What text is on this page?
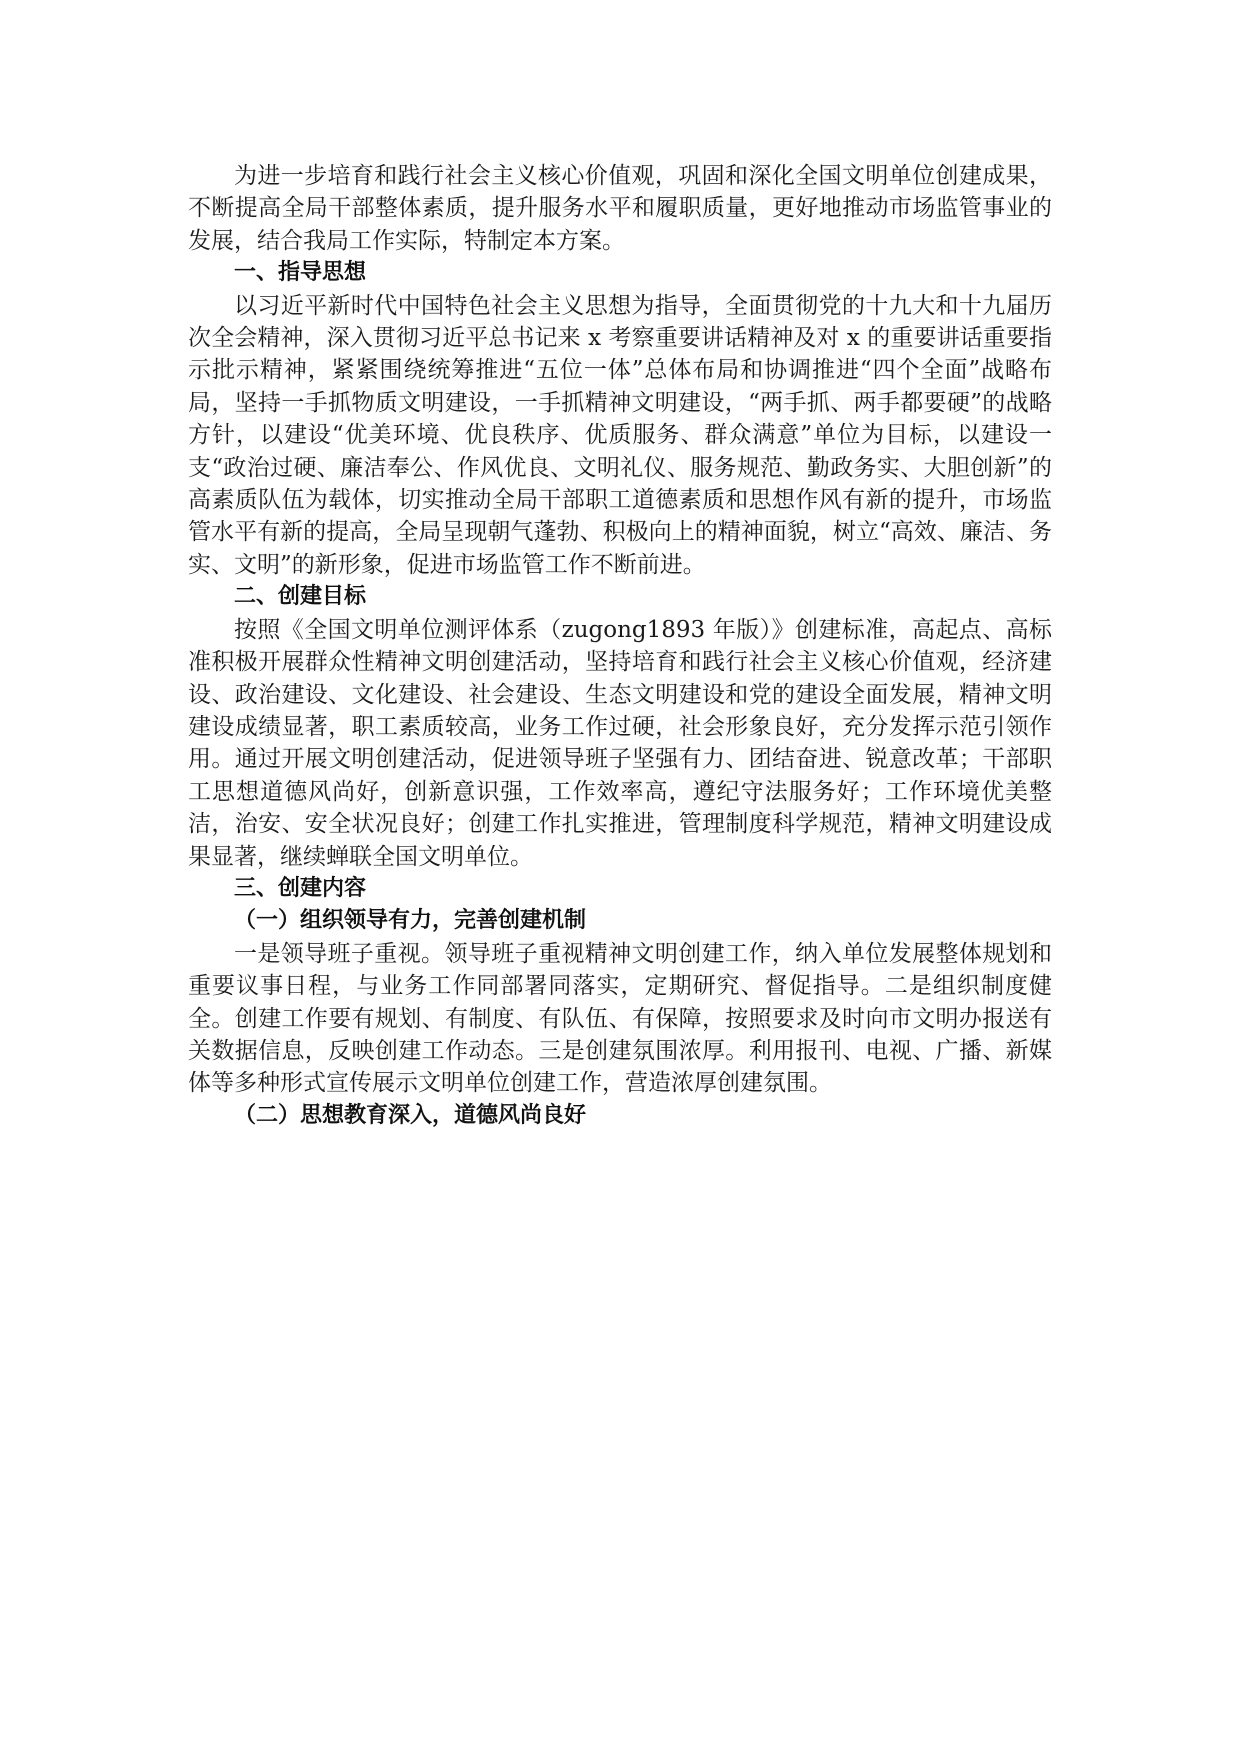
为进一步培育和践行社会主义核心价值观，巩固和深化全国文明单位创建成果，不断提高全局干部整体素质，提升服务水平和履职质量，更好地推动市场监管事业的发展，结合我局工作实际，特制定本方案。

一、指导思想

以习近平新时代中国特色社会主义思想为指导，全面贯彻党的十九大和十九届历次全会精神，深入贯彻习近平总书记来 x 考察重要讲话精神及对 x 的重要讲话重要指示批示精神，紧紧围绕统筹推进“五位一体”总体布局和协调推进“四个全面”战略布局，坚持一手抓物质文明建设，一手抓精神文明建设，“两手抓、两手都要硬”的战略方针，以建设“优美环境、优良秩序、优质服务、群众满意”单位为目标，以建设一支“政治过硬、廉洁奉公、作风优良、文明礼仪、服务规范、勤政务实、大胆创新”的高素质队伍为载体，切实推动全局干部职工道德素质和思想作风有新的提升，市场监管水平有新的提高，全局呈现朝气蓬勃、积极向上的精神面貌，树立“高效、廉洁、务实、文明”的新形象，促进市场监管工作不断前进。

二、创建目标

按照《全国文明单位测评体系（zugong1893 年版）》创建标准，高起点、高标准积极开展群众性精神文明创建活动，坚持培育和践行社会主义核心价值观，经济建设、政治建设、文化建设、社会建设、生态文明建设和党的建设全面发展，精神文明建设成绩显著，职工素质较高，业务工作过硬，社会形象良好，充分发挥示范引领作用。通过开展文明创建活动，促进领导班子坚强有力、团结奋进、锐意改革；干部职工思想道德风尚好，创新意识强，工作效率高，遵纪守法服务好；工作环境优美整洁，治安、安全状况良好；创建工作扎实推进，管理制度科学规范，精神文明建设成果显著，继续蝉联全国文明单位。

三、创建内容

（一）组织领导有力，完善创建机制

一是领导班子重视。领导班子重视精神文明创建工作，纳入单位发展整体规划和重要议事日程，与业务工作同部署同落实，定期研究、督促指导。二是组织制度健全。创建工作要有规划、有制度、有队伍、有保障，按照要求及时向市文明办报送有关数据信息，反映创建工作动态。三是创建氛围浓厚。利用报刊、电视、广播、新媒体等多种形式宣传展示文明单位创建工作，营造浓厚创建氛围。

（二）思想教育深入，道德风尚良好
